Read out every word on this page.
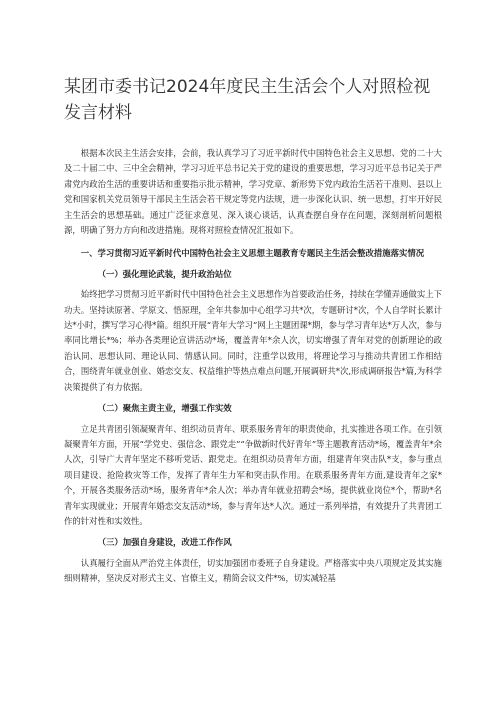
某团市委书记2024年度民主生活会个人对照检视发言材料

根据本次民主生活会安排，会前，我认真学习了习近平新时代中国特色社会主义思想、党的二十大及二十届二中、三中全会精神，学习习近平总书记关于党的建设的重要思想，学习习近平总书记关于严肃党内政治生活的重要讲话和重要指示批示精神，学习党章、新形势下党内政治生活若干准则、县以上党和国家机关党员领导干部民主生活会若干规定等党内法规，进一步深化认识、统一思想，打牢开好民主生活会的思想基础。通过广泛征求意见、深入谈心谈话，认真查摆自身存在问题，深刻剖析问题根源，明确了努力方向和改进措施。现将对照检查情况汇报如下。

一、学习贯彻习近平新时代中国特色社会主义思想主题教育专题民主生活会整改措施落实情况

（一）强化理论武装，提升政治站位

始终把学习贯彻习近平新时代中国特色社会主义思想作为首要政治任务，持续在学懂弄通做实上下功夫。坚持读原著、学原文、悟原理，全年共参加中心组学习共*次，专题研讨*次，个人自学时长累计达*小时，撰写学习心得*篇。组织开展“青年大学习”网上主题团课*期，参与学习青年达*万人次，参与率同比增长*%；举办各类理论宣讲活动*场，覆盖青年*余人次，切实增强了青年对党的创新理论的政治认同、思想认同、理论认同、情感认同。同时，注重学以致用，将理论学习与推动共青团工作相结合，围绕青年就业创业、婚恋交友、权益维护等热点难点问题,开展调研共*次,形成调研报告*篇,为科学决策提供了有力依据。

（二）聚焦主责主业，增强工作实效

立足共青团引领凝聚青年、组织动员青年、联系服务青年的职责使命，扎实推进各项工作。在引领凝聚青年方面，开展“学党史、强信念、跟党走”“争做新时代好青年”等主题教育活动*场，覆盖青年*余人次，引导广大青年坚定不移听党话、跟党走。在组织动员青年方面，组建青年突击队*支，参与重点项目建设、抢险救灾等工作，发挥了青年生力军和突击队作用。在联系服务青年方面,建设青年之家*个，开展各类服务活动*场，服务青年*余人次；举办青年就业招聘会*场，提供就业岗位*个，帮助*名青年实现就业；开展青年婚恋交友活动*场，参与青年达*人次。通过一系列举措，有效提升了共青团工作的针对性和实效性。

（三）加强自身建设，改进工作作风

认真履行全面从严治党主体责任，切实加强团市委班子自身建设。严格落实中央八项规定及其实施细则精神，坚决反对形式主义、官僚主义，精简会议文件*%，切实减轻基
